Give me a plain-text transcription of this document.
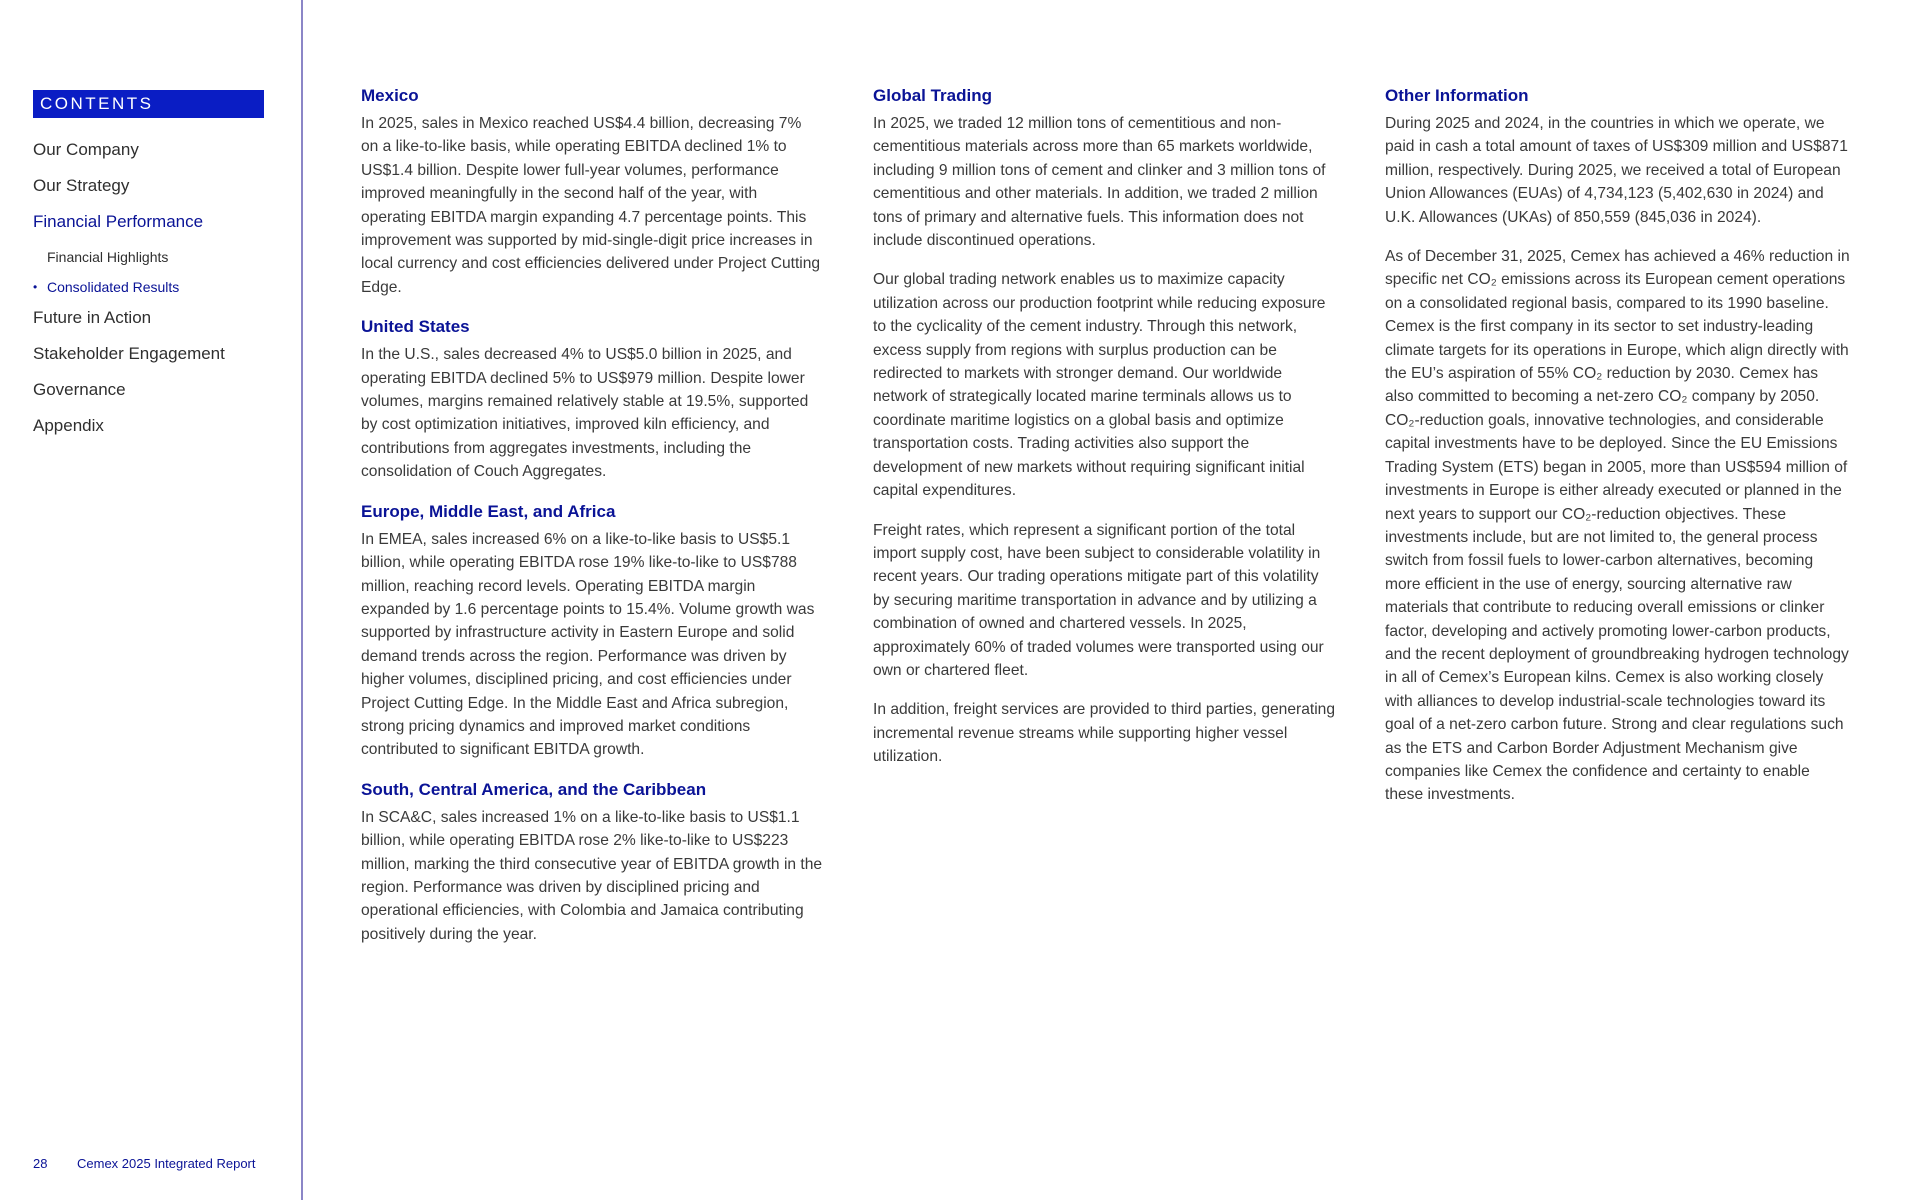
CONTENTS
Our Company
Our Strategy
Financial Performance
Financial Highlights
• Consolidated Results
Future in Action
Stakeholder Engagement
Governance
Appendix
28 Cemex 2025 Integrated Report
Mexico

In 2025, sales in Mexico reached US$4.4 billion, decreasing 7% on a like-to-like basis, while operating EBITDA declined 1% to US$1.4 billion. Despite lower full-year volumes, performance improved meaningfully in the second half of the year, with operating EBITDA margin expanding 4.7 percentage points. This improvement was supported by mid-single-digit price increases in local currency and cost efficiencies delivered under Project Cutting Edge.

United States

In the U.S., sales decreased 4% to US$5.0 billion in 2025, and operating EBITDA declined 5% to US$979 million. Despite lower volumes, margins remained relatively stable at 19.5%, supported by cost optimization initiatives, improved kiln efficiency, and contributions from aggregates investments, including the consolidation of Couch Aggregates.

Europe, Middle East, and Africa

In EMEA, sales increased 6% on a like-to-like basis to US$5.1 billion, while operating EBITDA rose 19% like-to-like to US$788 million, reaching record levels. Operating EBITDA margin expanded by 1.6 percentage points to 15.4%. Volume growth was supported by infrastructure activity in Eastern Europe and solid demand trends across the region. Performance was driven by higher volumes, disciplined pricing, and cost efficiencies under Project Cutting Edge. In the Middle East and Africa subregion, strong pricing dynamics and improved market conditions contributed to significant EBITDA growth.

South, Central America, and the Caribbean

In SCA&C, sales increased 1% on a like-to-like basis to US$1.1 billion, while operating EBITDA rose 2% like-to-like to US$223 million, marking the third consecutive year of EBITDA growth in the region. Performance was driven by disciplined pricing and operational efficiencies, with Colombia and Jamaica contributing positively during the year.

Global Trading

In 2025, we traded 12 million tons of cementitious and non-cementitious materials across more than 65 markets worldwide, including 9 million tons of cement and clinker and 3 million tons of cementitious and other materials. In addition, we traded 2 million tons of primary and alternative fuels. This information does not include discontinued operations.

Our global trading network enables us to maximize capacity utilization across our production footprint while reducing exposure to the cyclicality of the cement industry. Through this network, excess supply from regions with surplus production can be redirected to markets with stronger demand. Our worldwide network of strategically located marine terminals allows us to coordinate maritime logistics on a global basis and optimize transportation costs. Trading activities also support the development of new markets without requiring significant initial capital expenditures.

Freight rates, which represent a significant portion of the total import supply cost, have been subject to considerable volatility in recent years. Our trading operations mitigate part of this volatility by securing maritime transportation in advance and by utilizing a combination of owned and chartered vessels. In 2025, approximately 60% of traded volumes were transported using our own or chartered fleet.

In addition, freight services are provided to third parties, generating incremental revenue streams while supporting higher vessel utilization.

Other Information

During 2025 and 2024, in the countries in which we operate, we paid in cash a total amount of taxes of US$309 million and US$871 million, respectively. During 2025, we received a total of European Union Allowances (EUAs) of 4,734,123 (5,402,630 in 2024) and U.K. Allowances (UKAs) of 850,559 (845,036 in 2024).

As of December 31, 2025, Cemex has achieved a 46% reduction in specific net CO₂ emissions across its European cement operations on a consolidated regional basis, compared to its 1990 baseline. Cemex is the first company in its sector to set industry-leading climate targets for its operations in Europe, which align directly with the EU’s aspiration of 55% CO₂ reduction by 2030. Cemex has also committed to becoming a net-zero CO₂ company by 2050. CO₂-reduction goals, innovative technologies, and considerable capital investments have to be deployed. Since the EU Emissions Trading System (ETS) began in 2005, more than US$594 million of investments in Europe is either already executed or planned in the next years to support our CO₂-reduction objectives. These investments include, but are not limited to, the general process switch from fossil fuels to lower-carbon alternatives, becoming more efficient in the use of energy, sourcing alternative raw materials that contribute to reducing overall emissions or clinker factor, developing and actively promoting lower-carbon products, and the recent deployment of groundbreaking hydrogen technology in all of Cemex’s European kilns. Cemex is also working closely with alliances to develop industrial-scale technologies toward its goal of a net-zero carbon future. Strong and clear regulations such as the ETS and Carbon Border Adjustment Mechanism give companies like Cemex the confidence and certainty to enable these investments.
